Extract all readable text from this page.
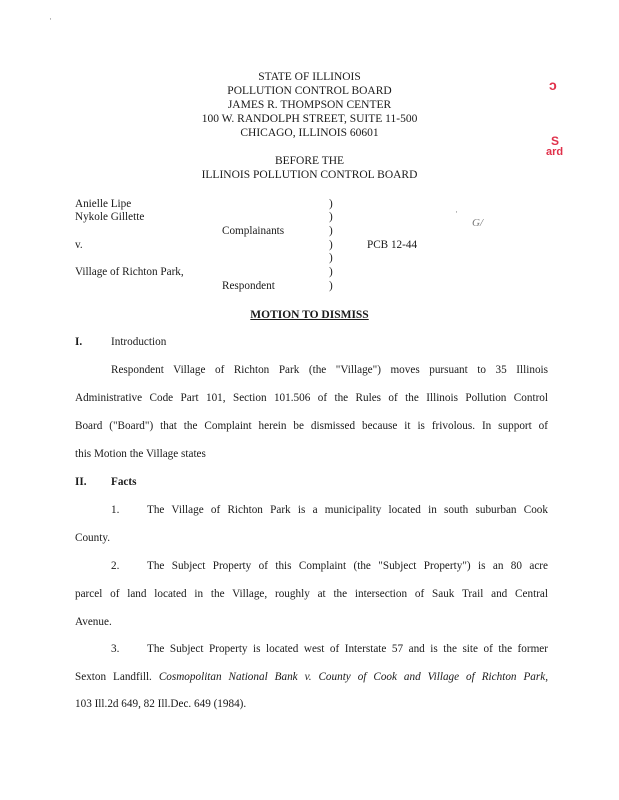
·
STATE OF ILLINOIS
POLLUTION CONTROL BOARD
JAMES R. THOMPSON CENTER
100 W. RANDOLPH STREET, SUITE 11-500
CHICAGO, ILLINOIS 60601
BEFORE THE
ILLINOIS POLLUTION CONTROL BOARD
ɔ
S
ard
Anielle Lipe
Nykole Gillette
Complainants
v.
Village of Richton Park,
Respondent
)
)
)
)
)
)
)
PCB 12-44
·
G/
MOTION TO DISMISS
I.	Introduction
Respondent Village of Richton Park (the "Village") moves pursuant to 35 Illinois
Administrative Code Part 101, Section 101.506 of the Rules of the Illinois Pollution Control
Board ("Board") that the Complaint herein be dismissed because it is frivolous. In support of
this Motion the Village states
II. Facts
1. The Village of Richton Park is a municipality located in south suburban Cook
County.
2. The Subject Property of this Complaint (the "Subject Property") is an 80 acre
parcel of land located in the Village, roughly at the intersection of Sauk Trail and Central
Avenue.
3. The Subject Property is located west of Interstate 57 and is the site of the former
Sexton Landfill. Cosmopolitan National Bank v. County of Cook and Village of Richton Park,
103 Ill.2d 649, 82 Ill.Dec. 649 (1984).
